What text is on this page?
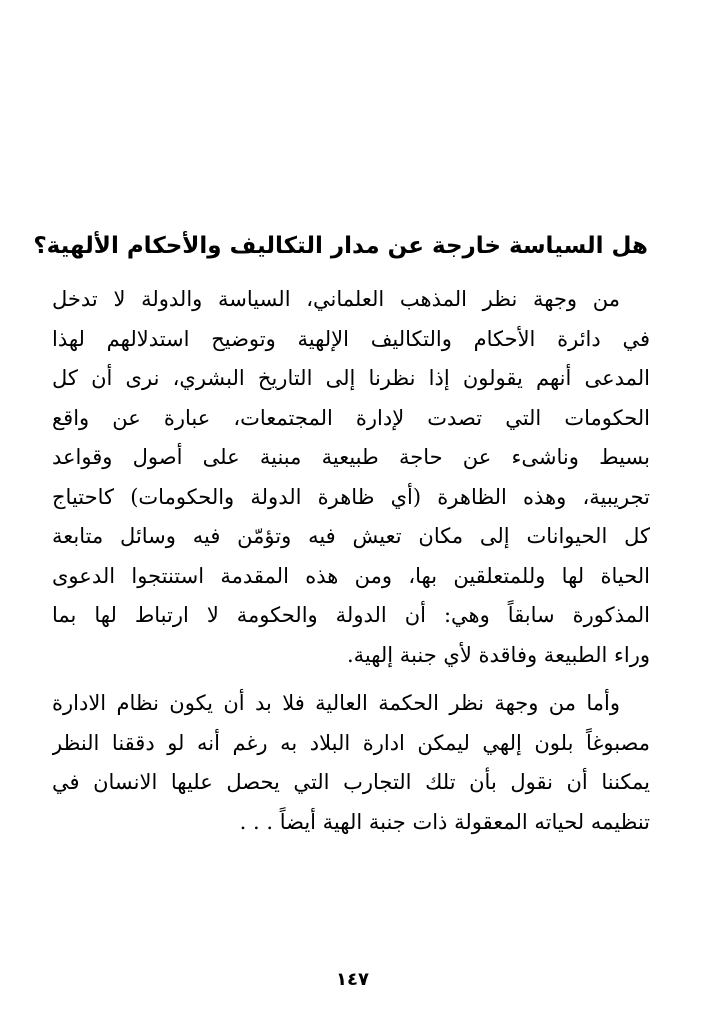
هل السياسة خارجة عن مدار التكاليف والأحكام الألهية؟
من وجهة نظر المذهب العلماني، السياسة والدولة لا تدخل
في دائرة الأحكام والتكاليف الإلهية وتوضيح استدلالهم لهذا
المدعى أنهم يقولون إذا نظرنا إلى التاريخ البشري، نرى أن كل
الحكومات التي تصدت لإدارة المجتمعات، عبارة عن واقع
بسيط وناشىء عن حاجة طبيعية مبنية على أصول وقواعد
تجريبية، وهذه الظاهرة (أي ظاهرة الدولة والحكومات) كاحتياج
كل الحيوانات إلى مكان تعيش فيه وتؤمّن فيه وسائل متابعة
الحياة لها وللمتعلقين بها، ومن هذه المقدمة استنتجوا الدعوى
المذكورة سابقاً وهي: أن الدولة والحكومة لا ارتباط لها بما
وراء الطبيعة وفاقدة لأي جنبة إلهية.
وأما من وجهة نظر الحكمة العالية فلا بد أن يكون نظام الادارة
مصبوغاً بلون إلهي ليمكن ادارة البلاد به رغم أنه لو دققنا النظر
يمكننا أن نقول بأن تلك التجارب التي يحصل عليها الانسان في
تنظيمه لحياته المعقولة ذات جنبة الهية أيضاً . . .
١٤٧
